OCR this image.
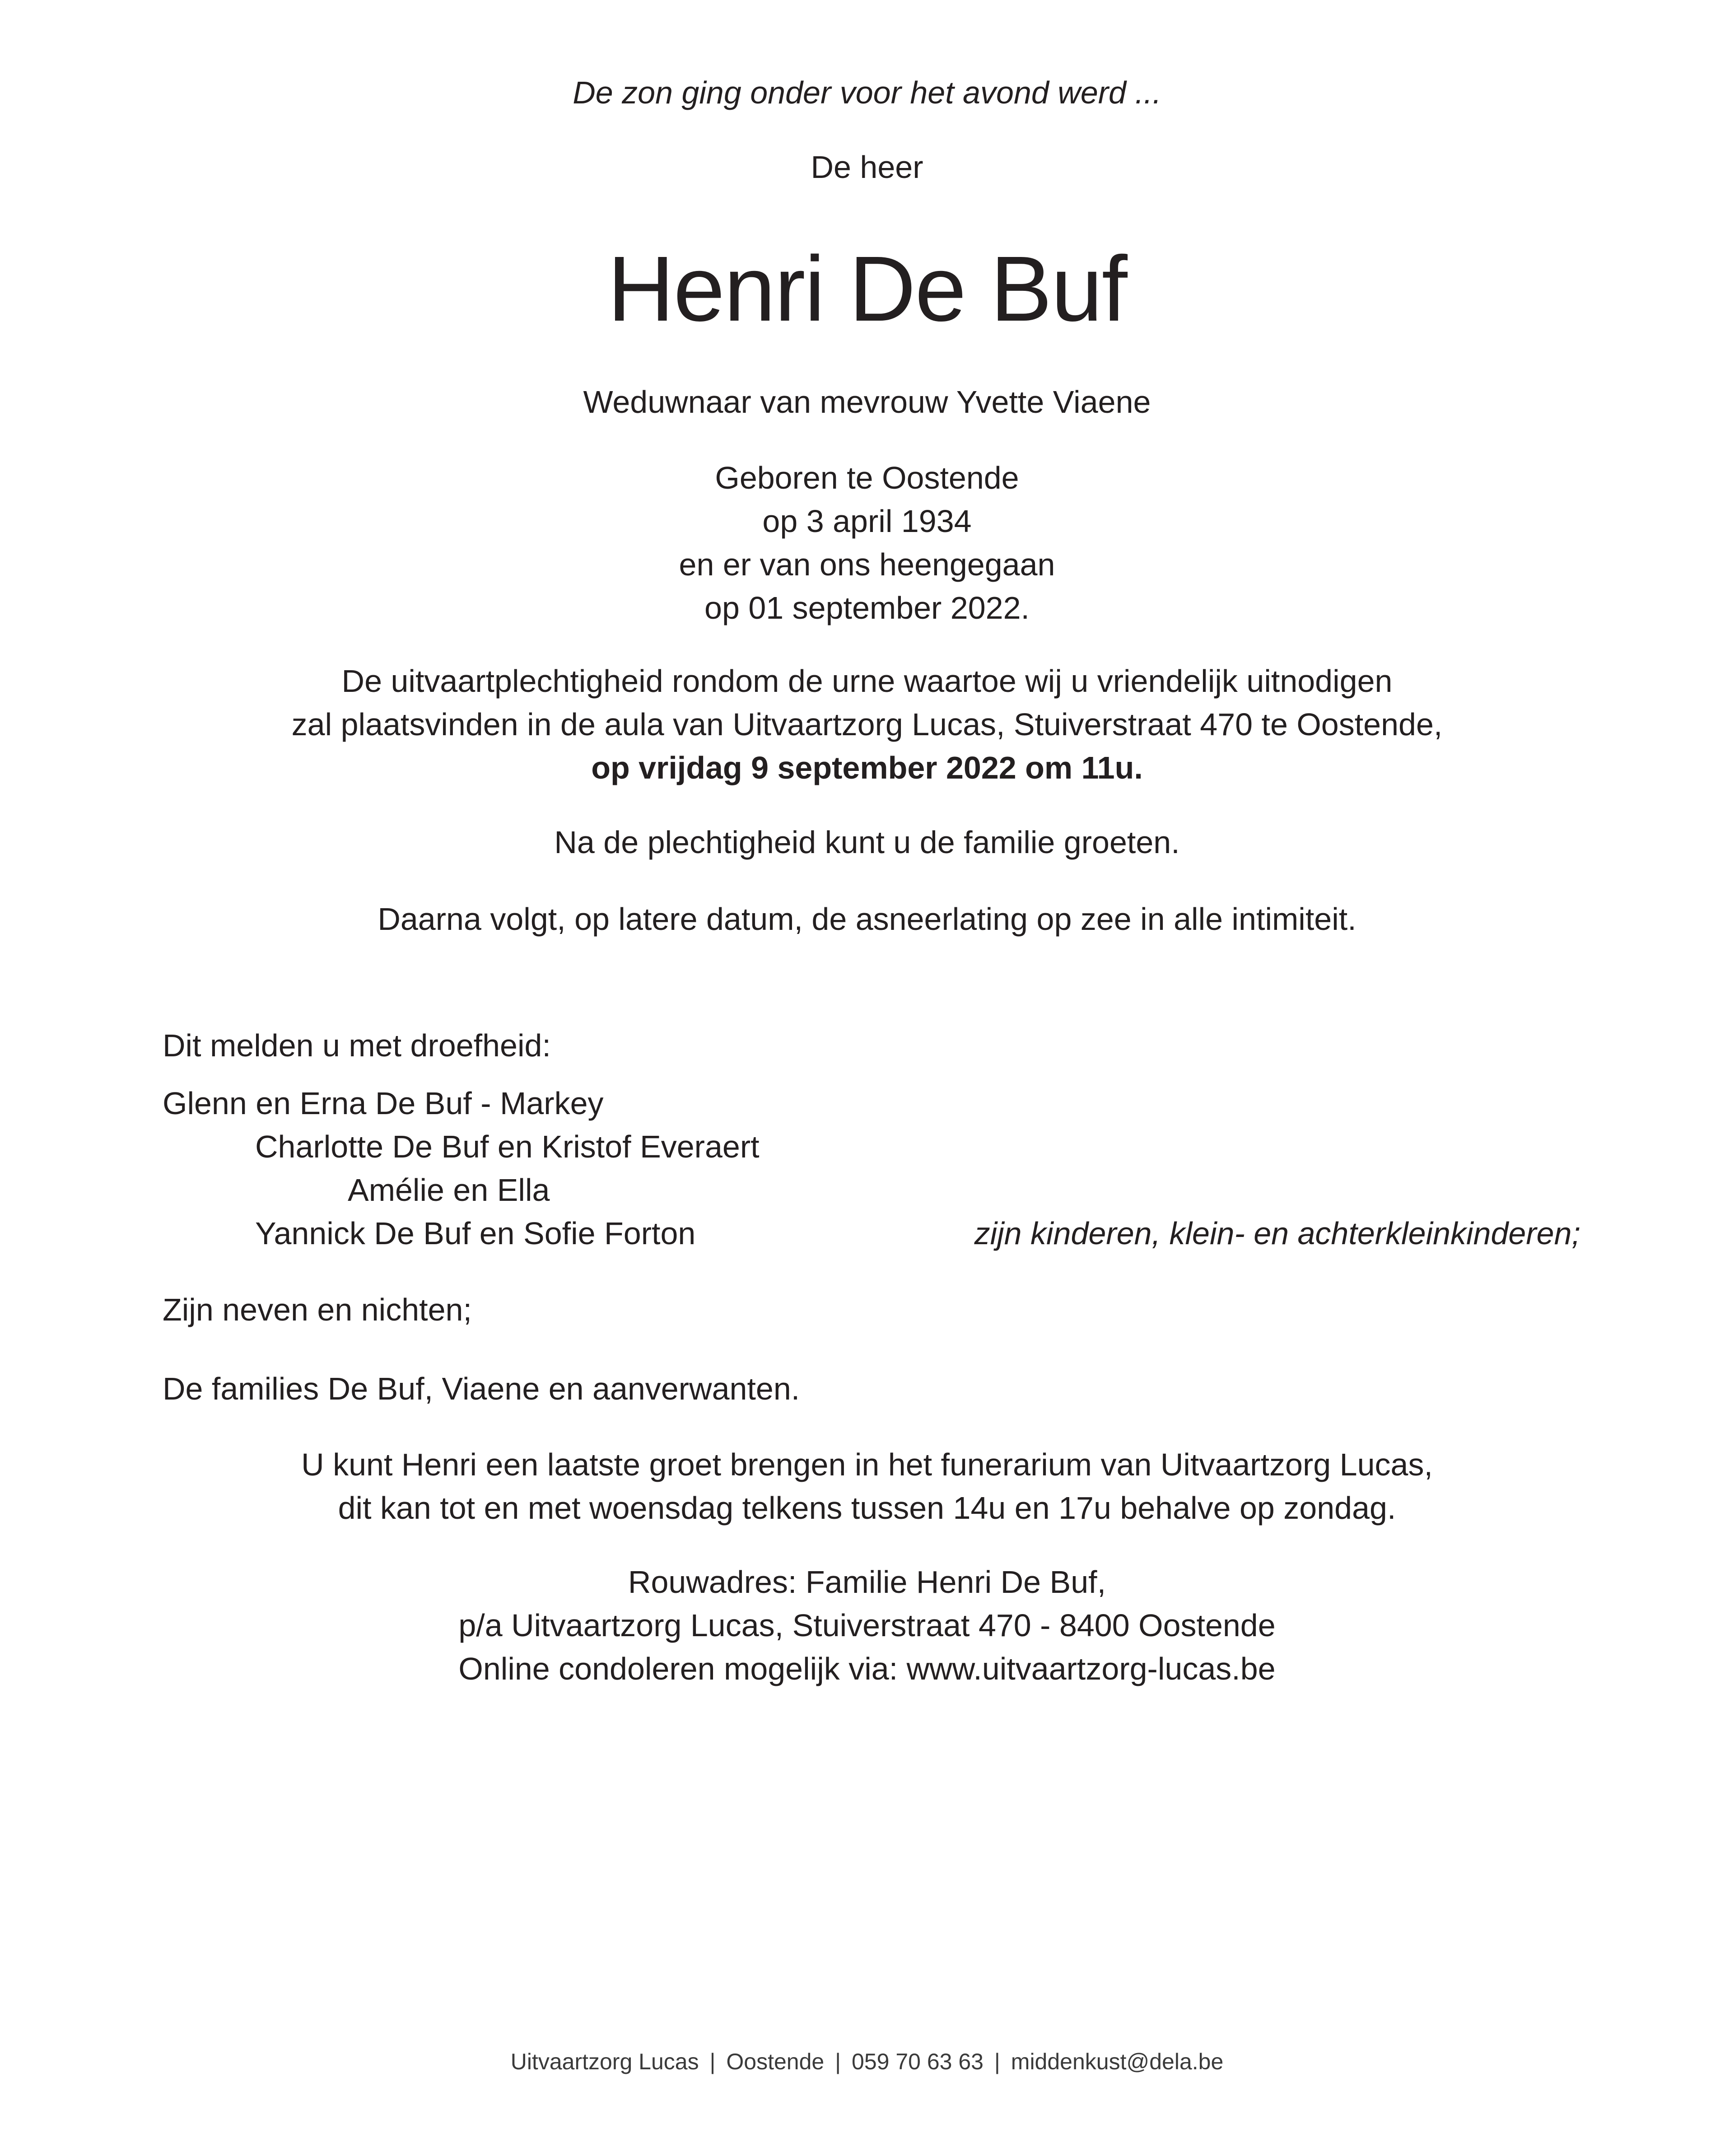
De zon ging onder voor het avond werd ...
De heer
Henri De Buf
Weduwnaar van mevrouw Yvette Viaene
Geboren te Oostende
op 3 april 1934
en er van ons heengegaan
op 01 september 2022.
De uitvaartplechtigheid rondom de urne waartoe wij u vriendelijk uitnodigen
zal plaatsvinden in de aula van Uitvaartzorg Lucas, Stuiverstraat 470 te Oostende,
op vrijdag 9 september 2022 om 11u.
Na de plechtigheid kunt u de familie groeten.
Daarna volgt, op latere datum, de asneerlating op zee in alle intimiteit.
Dit melden u met droefheid:
Glenn en Erna De Buf - Markey
Charlotte De Buf en Kristof Everaert
Amélie en Ella
Yannick De Buf en Sofie Forton	zijn kinderen, klein- en achterkleinkinderen;
Zijn neven en nichten;
De families De Buf, Viaene en aanverwanten.
U kunt Henri een laatste groet brengen in het funerarium van Uitvaartzorg Lucas,
dit kan tot en met woensdag telkens tussen 14u en 17u behalve op zondag.
Rouwadres: Familie Henri De Buf,
p/a Uitvaartzorg Lucas, Stuiverstraat 470 - 8400 Oostende
Online condoleren mogelijk via: www.uitvaartzorg-lucas.be
Uitvaartzorg Lucas | Oostende | 059 70 63 63 | middenkust@dela.be
